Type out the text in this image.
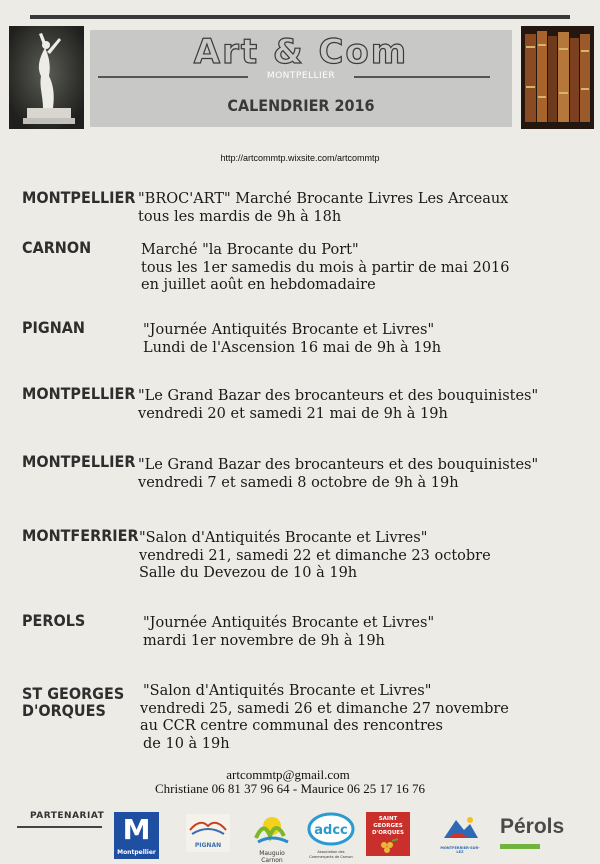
Art & Com
MONTPELLIER
CALENDRIER 2016
http://artcommtp.wixsite.com/artcommtp
MONTPELLIER "BROC'ART" Marché Brocante Livres Les Arceaux
tous les mardis de 9h à 18h
CARNON	Marché "la Brocante du Port"
tous les 1er samedis du mois à partir de mai 2016
en juillet août en hebdomadaire
PIGNAN	"Journée Antiquités Brocante et Livres"
Lundi de l'Ascension 16 mai de 9h à 19h
MONTPELLIER "Le Grand Bazar des brocanteurs et des bouquinistes"
vendredi 20 et samedi 21 mai de 9h à 19h
MONTPELLIER "Le Grand Bazar des brocanteurs et des bouquinistes"
vendredi 7 et samedi 8 octobre de 9h à 19h
MONTFERRIER "Salon d'Antiquités Brocante et Livres"
vendredi 21, samedi 22 et dimanche 23 octobre
Salle du Devezou de 10 à 19h
PEROLS	"Journée Antiquités Brocante et Livres"
mardi 1er novembre de 9h à 19h
ST GEORGES
D'ORQUES
"Salon d'Antiquités Brocante et Livres"
vendredi 25, samedi 26 et dimanche 27 novembre
au CCR centre communal des rencontres
de 10 à 19h
artcommtp@gmail.com
Christiane 06 81 37 96 64 - Maurice 06 25 17 16 76
PARTENARIAT M
Montpellier
PIGNAN
Mauguio Carnon
adcc
Association des Commerçants de Carnon
SAINT GEORGES D'ORQUES
MONTFERRIER-SUR-LEZ
Pérols
